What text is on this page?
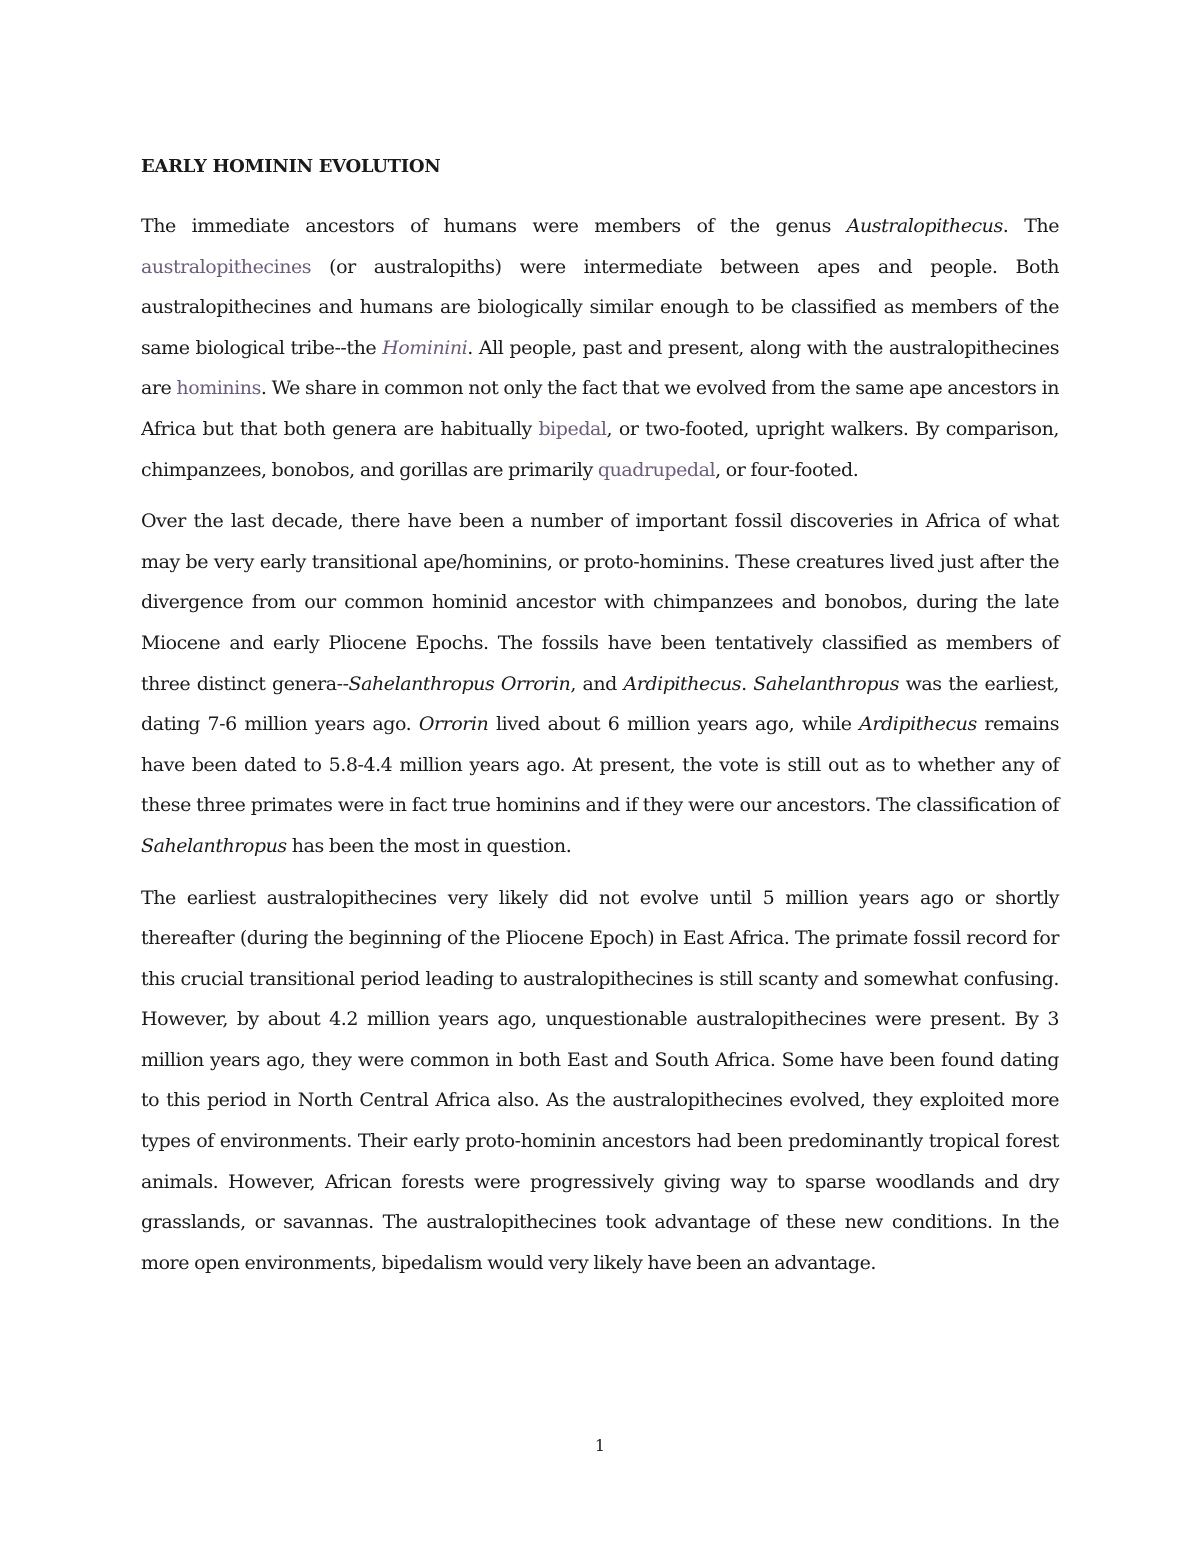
EARLY HOMININ EVOLUTION

The immediate ancestors of humans were members of the genus Australopithecus. The australopithecines (or australopiths) were intermediate between apes and people. Both australopithecines and humans are biologically similar enough to be classified as members of the same biological tribe--the Hominini. All people, past and present, along with the australopithecines are hominins. We share in common not only the fact that we evolved from the same ape ancestors in Africa but that both genera are habitually bipedal, or two-footed, upright walkers. By comparison, chimpanzees, bonobos, and gorillas are primarily quadrupedal, or four-footed.

Over the last decade, there have been a number of important fossil discoveries in Africa of what may be very early transitional ape/hominins, or proto-hominins. These creatures lived just after the divergence from our common hominid ancestor with chimpanzees and bonobos, during the late Miocene and early Pliocene Epochs. The fossils have been tentatively classified as members of three distinct genera--Sahelanthropus Orrorin, and Ardipithecus. Sahelanthropus was the earliest, dating 7-6 million years ago. Orrorin lived about 6 million years ago, while Ardipithecus remains have been dated to 5.8-4.4 million years ago. At present, the vote is still out as to whether any of these three primates were in fact true hominins and if they were our ancestors. The classification of Sahelanthropus has been the most in question.

The earliest australopithecines very likely did not evolve until 5 million years ago or shortly thereafter (during the beginning of the Pliocene Epoch) in East Africa. The primate fossil record for this crucial transitional period leading to australopithecines is still scanty and somewhat confusing. However, by about 4.2 million years ago, unquestionable australopithecines were present. By 3 million years ago, they were common in both East and South Africa. Some have been found dating to this period in North Central Africa also. As the australopithecines evolved, they exploited more types of environments. Their early proto-hominin ancestors had been predominantly tropical forest animals. However, African forests were progressively giving way to sparse woodlands and dry grasslands, or savannas. The australopithecines took advantage of these new conditions. In the more open environments, bipedalism would very likely have been an advantage.

1
